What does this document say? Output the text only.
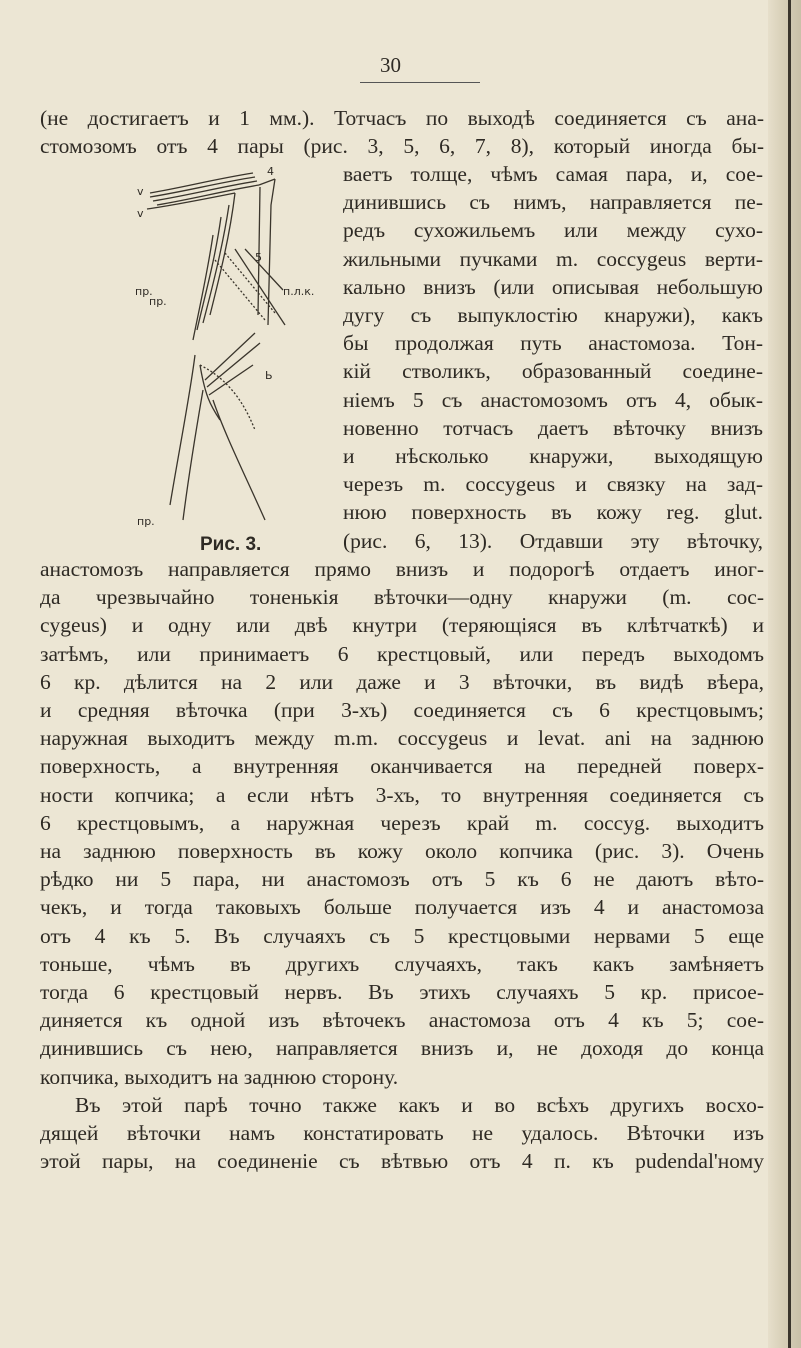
30
(не достигаетъ и 1 мм.). Тотчасъ по выходѣ соединяется съ ана-
стомозомъ отъ 4 пары (рис. 3, 5, 6, 7, 8), который иногда бы-
ваетъ толще, чѣмъ самая пара, и, сое-
динившись съ нимъ, направляется пе-
редъ сухожильемъ или между сухо-
жильными пучками m. coccygeus верти-
кально внизъ (или описывая небольшую
дугу съ выпуклостію кнаружи), какъ
бы продолжая путь анастомоза. Тон-
кій стволикъ, образованный соедине-
ніемъ 5 съ анастомозомъ отъ 4, обык-
новенно тотчасъ даетъ вѣточку внизъ
и нѣсколько кнаружи, выходящую
черезъ m. coccygeus и связку на зад-
нюю поверхность въ кожу reg. glut.
(рис. 6, 13). Отдавши эту вѣточку,
анастомозъ направляется прямо внизъ и подорогѣ отдаетъ иног-
да чрезвычайно тоненькія вѣточки—одну кнаружи (m. coc-
cygeus) и одну или двѣ кнутри (теряющіяся въ клѣтчаткѣ) и
затѣмъ, или принимаетъ 6 крестцовый, или передъ выходомъ
6 кр. дѣлится на 2 или даже и 3 вѣточки, въ видѣ вѣера,
и средняя вѣточка (при 3-хъ) соединяется съ 6 крестцовымъ;
наружная выходитъ между m.m. coccygeus и levat. ani на заднюю
поверхность, а внутренняя оканчивается на передней поверх-
ности копчика; а если нѣтъ 3-хъ, то внутренняя соединяется съ
6 крестцовымъ, а наружная черезъ край m. coccyg. выходитъ
на заднюю поверхность въ кожу около копчика (рис. 3). Очень
рѣдко ни 5 пара, ни анастомозъ отъ 5 къ 6 не даютъ вѣто-
чекъ, и тогда таковыхъ больше получается изъ 4 и анастомоза
отъ 4 къ 5. Въ случаяхъ съ 5 крестцовыми нервами 5 еще
тоньше, чѣмъ въ другихъ случаяхъ, такъ какъ замѣняетъ
тогда 6 крестцовый нервъ. Въ этихъ случаяхъ 5 кр. присое-
диняется къ одной изъ вѣточекъ анастомоза отъ 4 къ 5; сое-
динившись съ нею, направляется внизъ и, не доходя до конца
копчика, выходитъ на заднюю сторону.
Въ этой парѣ точно также какъ и во всѣхъ другихъ восхо-
дящей вѣточки намъ констатировать не удалось. Вѣточки изъ
этой пары, на соединеніе съ вѣтвью отъ 4 п. къ pudendal'ному
4
v
v
5
пр.
пр.
п.л.к.
Ь
пр.
Рис. 3.
